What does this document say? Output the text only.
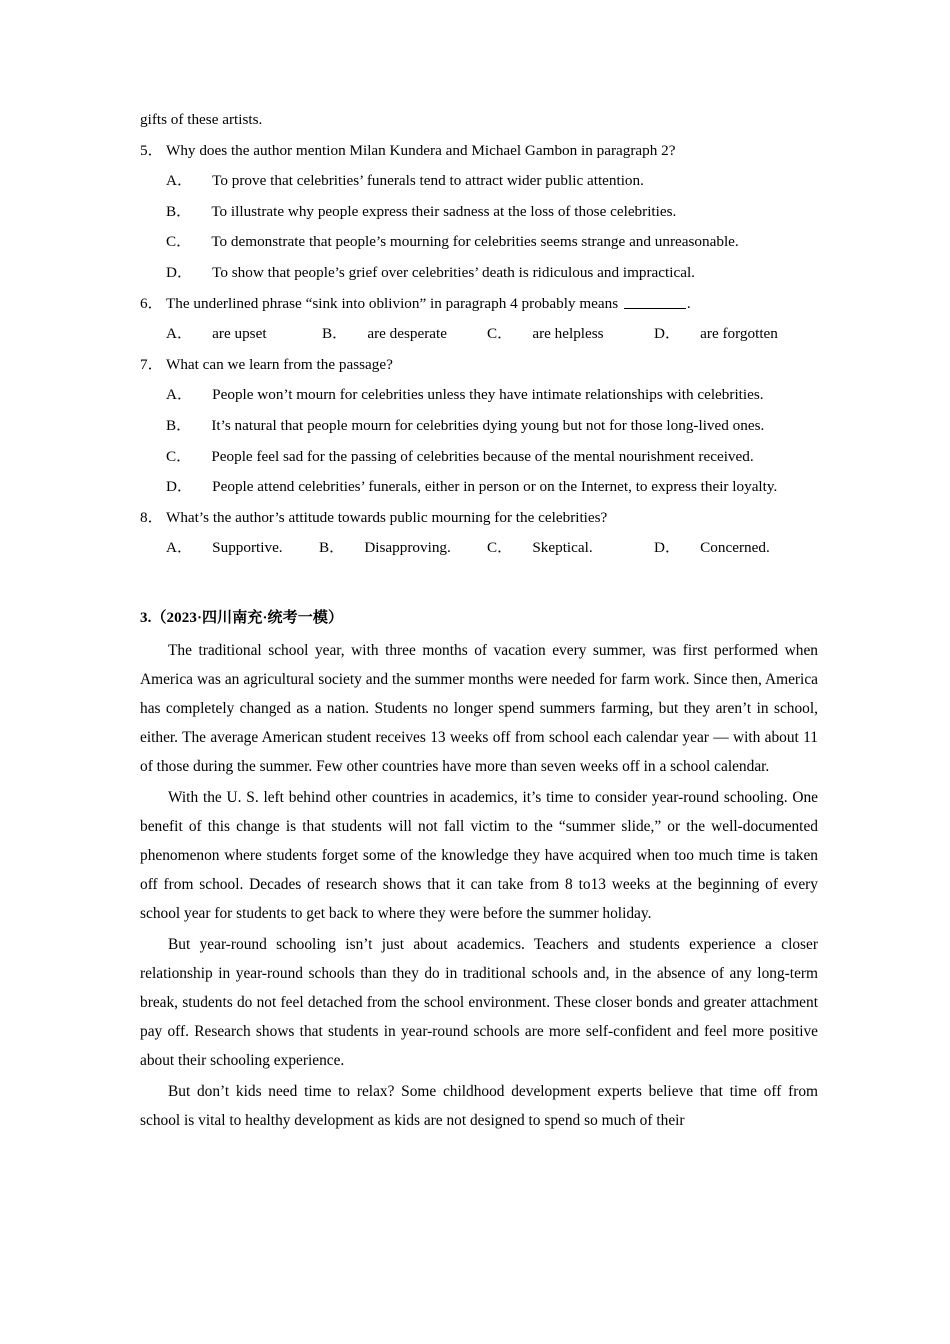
gifts of these artists.

5． Why does the author mention Milan Kundera and Michael Gambon in paragraph 2?

A． To prove that celebrities’ funerals tend to attract wider public attention.

B． To illustrate why people express their sadness at the loss of those celebrities.

C． To demonstrate that people’s mourning for celebrities seems strange and unreasonable.

D． To show that people’s grief over celebrities’ death is ridiculous and impractical.

6． The underlined phrase “sink into oblivion” in paragraph 4 probably means	.

A． are upset	B． are desperate	C． are helpless	D． are forgotten

7． What can we learn from the passage?

A． People won’t mourn for celebrities unless they have intimate relationships with celebrities.

B． It’s natural that people mourn for celebrities dying young but not for those long-lived ones.

C． People feel sad for the passing of celebrities because of the mental nourishment received.

D． People attend celebrities’ funerals, either in person or on the Internet, to express their loyalty.

8． What’s the author’s attitude towards public mourning for the celebrities?

A． Supportive. B． Disapproving. C． Skeptical.	D． Concerned.

3.（2023·四川南充·统考一模）

The traditional school year, with three months of vacation every summer, was first performed when America was an agricultural society and the summer months were needed for farm work. Since then, America has completely changed as a nation. Students no longer spend summers farming, but they aren’t in school, either. The average American student receives 13 weeks off from school each calendar year — with about 11 of those during the summer. Few other countries have more than seven weeks off in a school calendar.

With the U. S. left behind other countries in academics, it’s time to consider year-round schooling. One benefit of this change is that students will not fall victim to the “summer slide,” or the well-documented phenomenon where students forget some of the knowledge they have acquired when too much time is taken off from school. Decades of research shows that it can take from 8 to13 weeks at the beginning of every school year for students to get back to where they were before the summer holiday.

But year-round schooling isn’t just about academics. Teachers and students experience a closer relationship in year-round schools than they do in traditional schools and, in the absence of any long-term break, students do not feel detached from the school environment. These closer bonds and greater attachment pay off. Research shows that students in year-round schools are more self-confident and feel more positive about their schooling experience.

But don’t kids need time to relax? Some childhood development experts believe that time off from school is vital to healthy development as kids are not designed to spend so much of their
